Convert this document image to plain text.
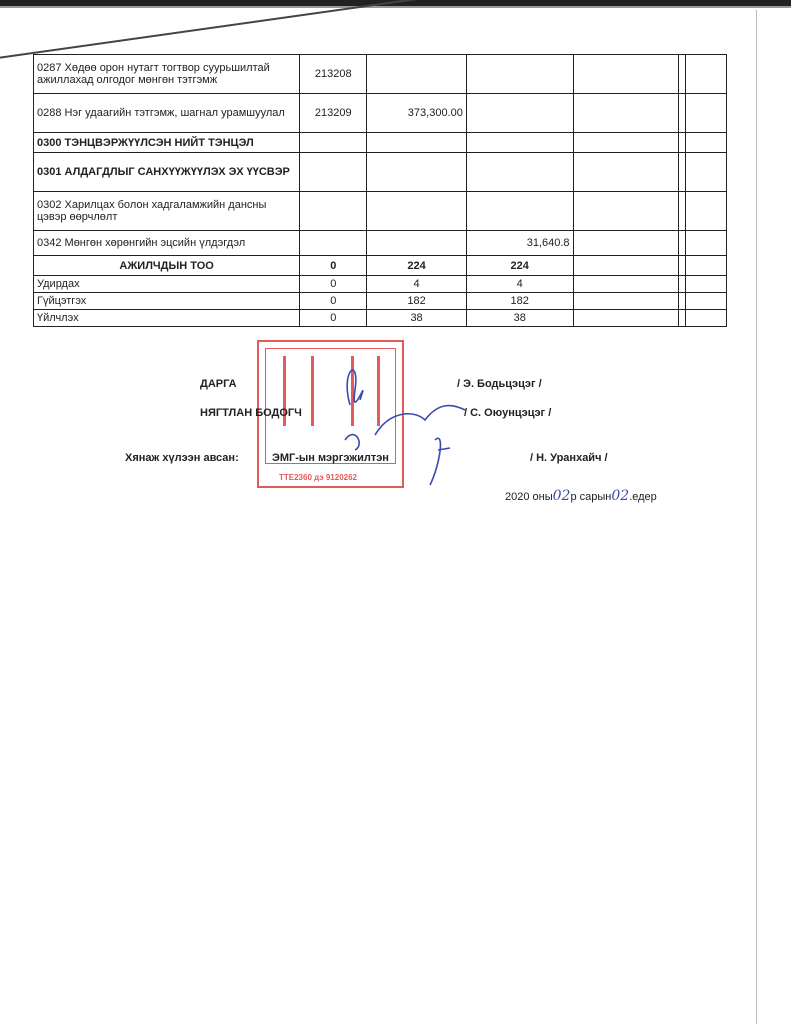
0287 Хөдөө орон нутагт тогтвор суурьшилтай ажиллахад олгодог мөнгөн тэтгэмж	213208					
0288 Нэг удаагийн тэтгэмж, шагнал урамшуулал	213209	373,300.00				
0300 ТЭНЦВЭРЖҮҮЛСЭН НИЙТ ТЭНЦЭЛ						
0301 АЛДАГДЛЫГ САНХҮҮЖҮҮЛЭХ ЭХ ҮҮСВЭР						
0302 Харилцах болон хадгаламжийн дансны цэвэр өөрчлөлт						
0342 Мөнгөн хөрөнгийн эцсийн үлдэгдэл			31,640.8			
АЖИЛЧДЫН ТОО	0	224	224			
Удирдах	0	4	4			
Гүйцэтгэх	0	182	182			
Үйлчлэх	0	38	38			
ТТЕ2360 дэ 9120262
ДАРГА	/ Э. Бодьцэцэг /
НЯГТЛАН БОДОГЧ	/ С. Оюунцэцэг /
Хянаж хүлээн авсан:	ЭМГ-ын мэргэжилтэн	/ Н. Уранхайч /
2020 оны02р сарын02.едер
